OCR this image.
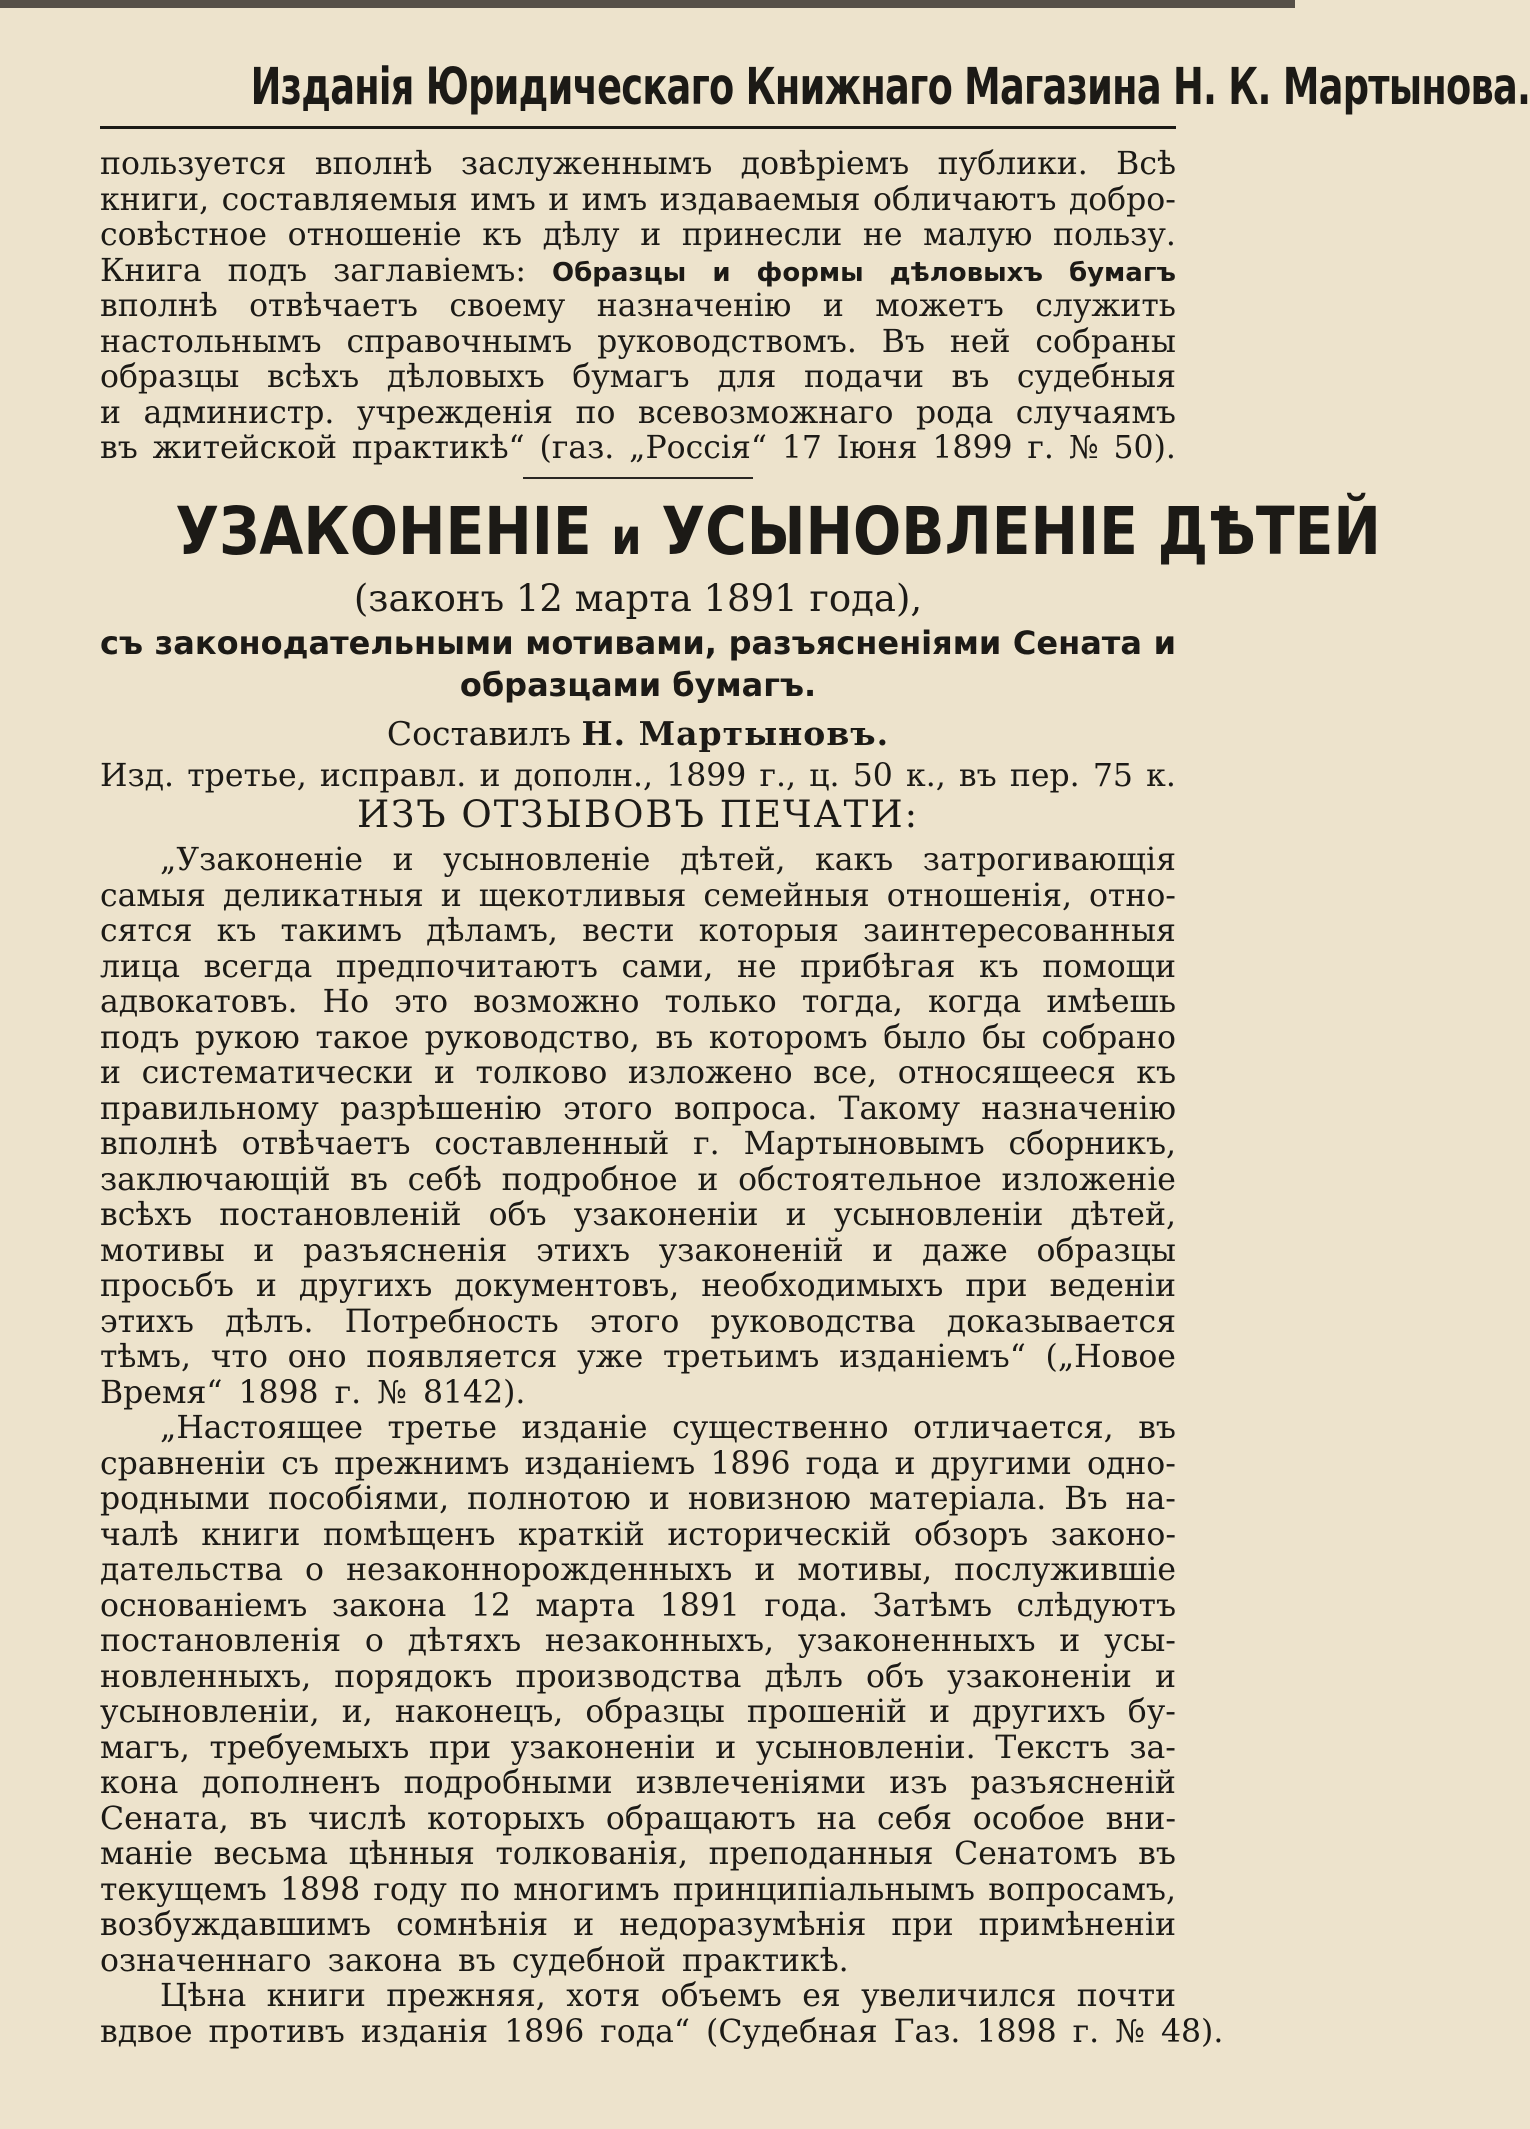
Изданія Юридическаго Книжнаго Магазина Н. К. Мартынова.
пользуется вполнѣ заслуженнымъ довѣріемъ публики. Всѣ
книги, составляемыя имъ и имъ издаваемыя обличаютъ добро-
совѣстное отношеніе къ дѣлу и принесли не малую пользу.
Книга подъ заглавіемъ: Образцы и формы дѣловыхъ бумагъ
вполнѣ отвѣчаетъ своему назначенію и можетъ служить
настольнымъ справочнымъ руководствомъ. Въ ней собраны
образцы всѣхъ дѣловыхъ бумагъ для подачи въ судебныя
и администр. учрежденія по всевозможнаго рода случаямъ
въ житейской практикѣ“ (газ. „Россія“ 17 Іюня 1899 г. № 50).
УЗАКОНЕНІЕ и УСЫНОВЛЕНІЕ ДѢТЕЙ
(законъ 12 марта 1891 года),
съ законодательными мотивами, разъясненіями Сената и
образцами бумагъ.
Составилъ Н. Мартыновъ.
Изд. третье, исправл. и дополн., 1899 г., ц. 50 к., въ пер. 75 к.
ИЗЪ ОТЗЫВОВЪ ПЕЧАТИ:
„Узаконеніе и усыновленіе дѣтей, какъ затрогивающія
самыя деликатныя и щекотливыя семейныя отношенія, отно-
сятся къ такимъ дѣламъ, вести которыя заинтересованныя
лица всегда предпочитаютъ сами, не прибѣгая къ помощи
адвокатовъ. Но это возможно только тогда, когда имѣешь
подъ рукою такое руководство, въ которомъ было бы собрано
и систематически и толково изложено все, относящееся къ
правильному разрѣшенію этого вопроса. Такому назначенію
вполнѣ отвѣчаетъ составленный г. Мартыновымъ сборникъ,
заключающій въ себѣ подробное и обстоятельное изложеніе
всѣхъ постановленій объ узаконеніи и усыновленіи дѣтей,
мотивы и разъясненія этихъ узаконеній и даже образцы
просьбъ и другихъ документовъ, необходимыхъ при веденіи
этихъ дѣлъ. Потребность этого руководства доказывается
тѣмъ, что оно появляется уже третьимъ изданіемъ“ („Новое
Время“ 1898 г. № 8142).
„Настоящее третье изданіе существенно отличается, въ
сравненіи съ прежнимъ изданіемъ 1896 года и другими одно-
родными пособіями, полнотою и новизною матеріала. Въ на-
чалѣ книги помѣщенъ краткій историческій обзоръ законо-
дательства о незаконнорожденныхъ и мотивы, послужившіе
основаніемъ закона 12 марта 1891 года. Затѣмъ слѣдуютъ
постановленія о дѣтяхъ незаконныхъ, узаконенныхъ и усы-
новленныхъ, порядокъ производства дѣлъ объ узаконеніи и
усыновленіи, и, наконецъ, образцы прошеній и другихъ бу-
магъ, требуемыхъ при узаконеніи и усыновленіи. Текстъ за-
кона дополненъ подробными извлеченіями изъ разъясненій
Сената, въ числѣ которыхъ обращаютъ на себя особое вни-
маніе весьма цѣнныя толкованія, преподанныя Сенатомъ въ
текущемъ 1898 году по многимъ принципіальнымъ вопросамъ,
возбуждавшимъ сомнѣнія и недоразумѣнія при примѣненіи
означеннаго закона въ судебной практикѣ.
Цѣна книги прежняя, хотя объемъ ея увеличился почти
вдвое противъ изданія 1896 года“ (Судебная Газ. 1898 г. № 48).
